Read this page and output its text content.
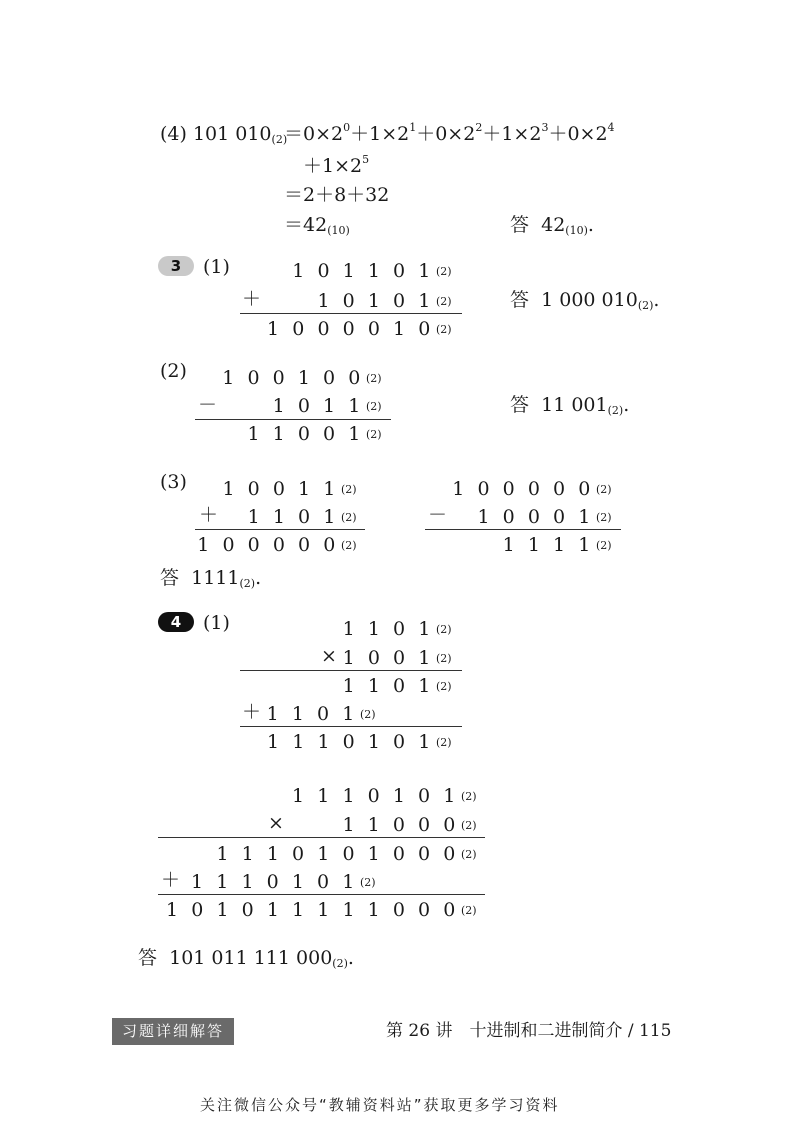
(4) 101 010(2)
$=0\times 2^0+1\times 2^1+0\times 2^2+1\times 2^3+0\times 2^4$
$+1\times 2^5$
＝2＋8＋32
＝42(10)	答 42(10).
3	(1)	1 0 1 1 0 1 (2)
＋	1 0 1 0 1 (2)
1 0 0 0 0 1 0 (2)
答 1 000 010(2).
(2)	1 0 0 1 0 0 (2)
－	1 0 1 1 (2)
1 1 0 0 1 (2)
答 11 001(2).
(3)	1 0 0 1 1 (2)
＋	1 1 0 1 (2)
1 0 0 0 0 0 (2)
1 0 0 0 0 0 (2)
－	1 0 0 0 1 (2)
1 1 1 1 (2)
答 1111(2).
4	(1)	1 1 0 1 (2)
× 1 0 0 1 (2)
1 1 0 1 (2)
＋ 1 1 0 1 (2)
1 1 1 0 1 0 1 (2)
1 1 1 0 1 0 1 (2)
×	1 1 0 0 0 (2)
1 1 1 0 1 0 1 0 0 0 (2)
＋ 1 1 1 0 1 0 1 (2)
1 0 1 0 1 1 1 1 1 0 0 0 (2)
答 101 011 111 000(2).
习题详细解答	第 26 讲　十进制和二进制简介 / 115
关注微信公众号“教辅资料站”获取更多学习资料
